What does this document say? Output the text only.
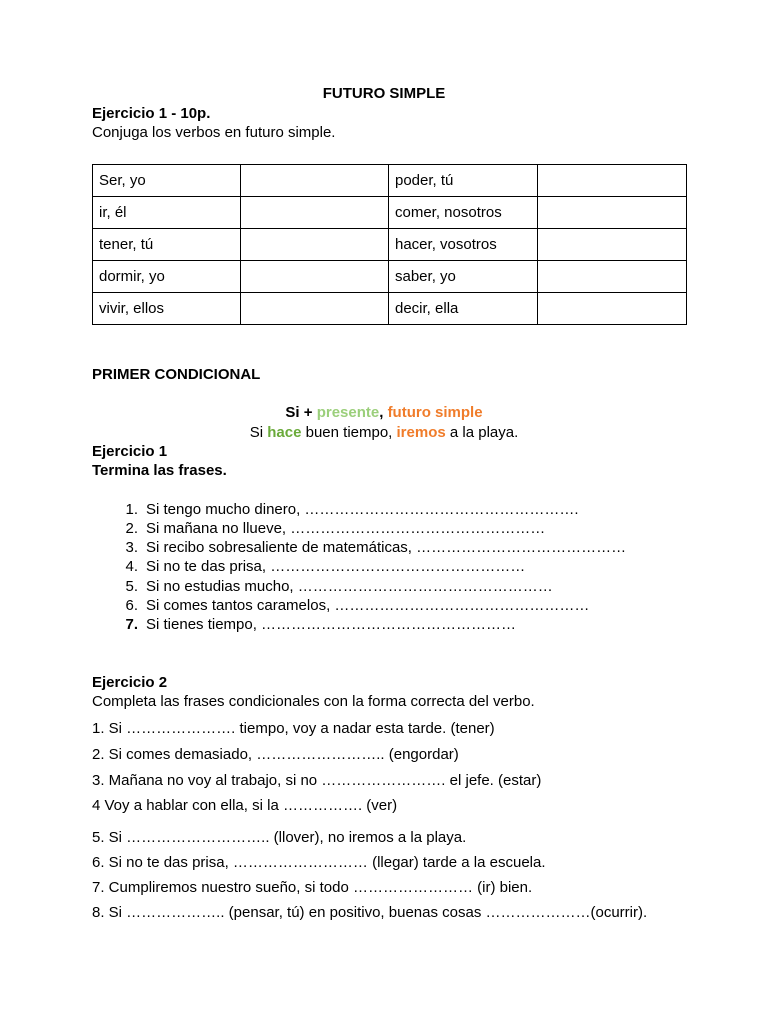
FUTURO SIMPLE
Ejercicio 1 - 10p.
Conjuga los verbos en futuro simple.
Ser, yo		poder, tú	
ir, él		comer, nosotros	
tener, tú		hacer, vosotros	
dormir, yo		saber, yo	
vivir, ellos		decir, ella	
PRIMER CONDICIONAL
Si + presente, futuro simple
Si hace buen tiempo, iremos a la playa.
Ejercicio 1
Termina las frases.
1. Si tengo mucho dinero, ……………………………………………….
2. Si mañana no llueve, ……………………………………………
3. Si recibo sobresaliente de matemáticas, ……………………………………
4. Si no te das prisa, ……………………………………………
5. Si no estudias mucho, ……………………………………………
6. Si comes tantos caramelos, ……………………………………………
7. Si tienes tiempo, ……………………………………………
Ejercicio 2
Completa las frases condicionales con la forma correcta del verbo.
1. Si …………………. tiempo, voy a nadar esta tarde. (tener)
2. Si comes demasiado, …………………….. (engordar)
3. Mañana no voy al trabajo, si no ……………………. el jefe. (estar)
4 Voy a hablar con ella, si la ……………. (ver)
5. Si ……………………….. (llover), no iremos a la playa.
6. Si no te das prisa, ……………………… (llegar) tarde a la escuela.
7. Cumpliremos nuestro sueño, si todo …………………… (ir) bien.
8. Si ……………….. (pensar, tú) en positivo, buenas cosas …………………(ocurrir).
